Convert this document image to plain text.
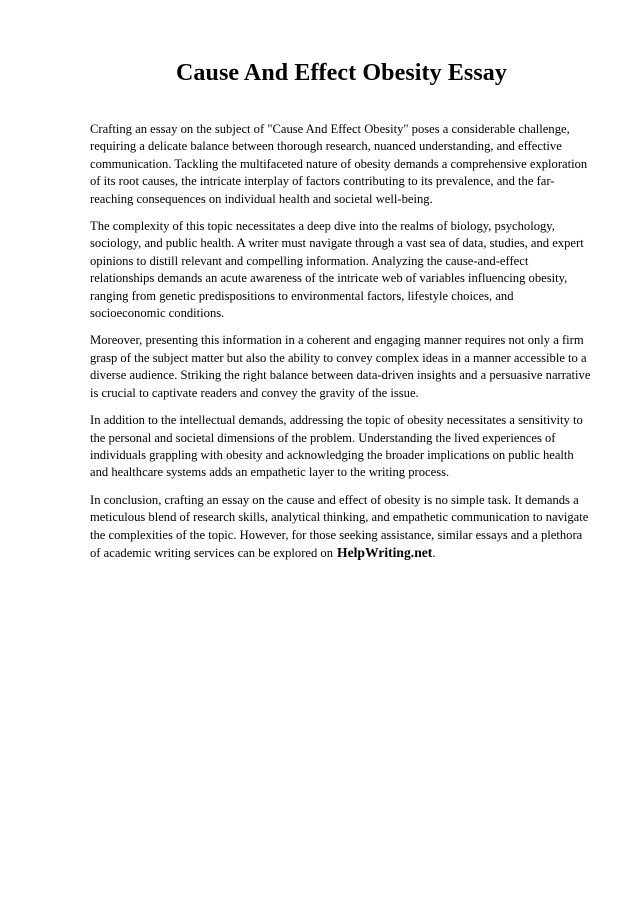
Cause And Effect Obesity Essay

Crafting an essay on the subject of "Cause And Effect Obesity" poses a considerable challenge, requiring a delicate balance between thorough research, nuanced understanding, and effective communication. Tackling the multifaceted nature of obesity demands a comprehensive exploration of its root causes, the intricate interplay of factors contributing to its prevalence, and the far-reaching consequences on individual health and societal well-being.

The complexity of this topic necessitates a deep dive into the realms of biology, psychology, sociology, and public health. A writer must navigate through a vast sea of data, studies, and expert opinions to distill relevant and compelling information. Analyzing the cause-and-effect relationships demands an acute awareness of the intricate web of variables influencing obesity, ranging from genetic predispositions to environmental factors, lifestyle choices, and socioeconomic conditions.

Moreover, presenting this information in a coherent and engaging manner requires not only a firm grasp of the subject matter but also the ability to convey complex ideas in a manner accessible to a diverse audience. Striking the right balance between data-driven insights and a persuasive narrative is crucial to captivate readers and convey the gravity of the issue.

In addition to the intellectual demands, addressing the topic of obesity necessitates a sensitivity to the personal and societal dimensions of the problem. Understanding the lived experiences of individuals grappling with obesity and acknowledging the broader implications on public health and healthcare systems adds an empathetic layer to the writing process.

In conclusion, crafting an essay on the cause and effect of obesity is no simple task. It demands a meticulous blend of research skills, analytical thinking, and empathetic communication to navigate the complexities of the topic. However, for those seeking assistance, similar essays and a plethora of academic writing services can be explored on HelpWriting.net.
